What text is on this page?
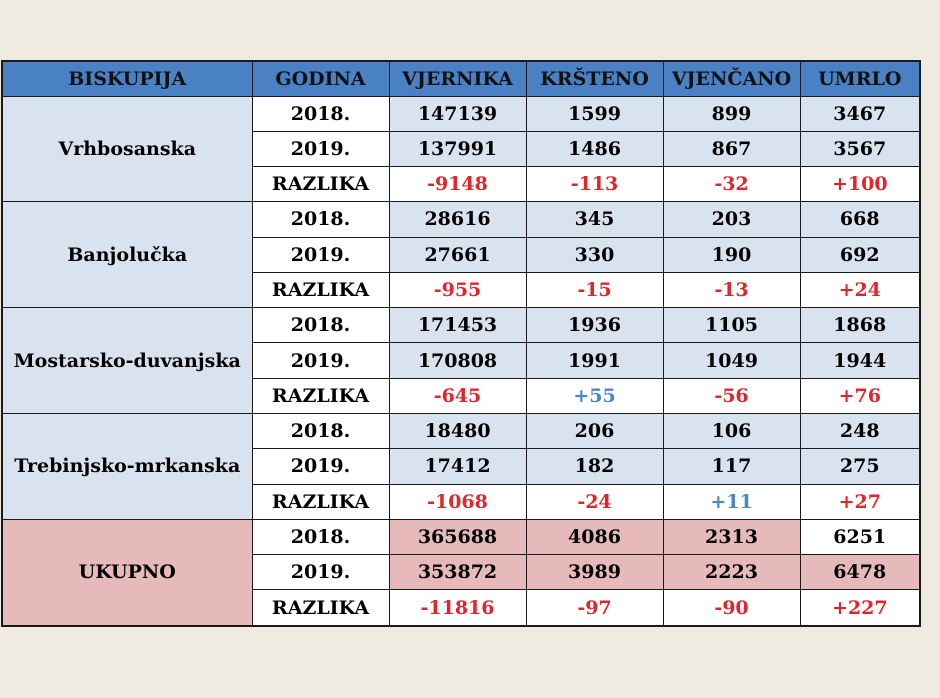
BISKUPIJA	GODINA	VJERNIKA	KRŠTENO	VJENČANO	UMRLO
Vrhbosanska	2018.	147139	1599	899	3467
	2019.	137991	1486	867	3567
	RAZLIKA	-9148	-113	-32	+100
Banjolučka	2018.	28616	345	203	668
	2019.	27661	330	190	692
	RAZLIKA	-955	-15	-13	+24
Mostarsko-duvanjska	2018.	171453	1936	1105	1868
	2019.	170808	1991	1049	1944
	RAZLIKA	-645	+55	-56	+76
Trebinjsko-mrkanska	2018.	18480	206	106	248
	2019.	17412	182	117	275
	RAZLIKA	-1068	-24	+11	+27
UKUPNO	2018.	365688	4086	2313	6251
	2019.	353872	3989	2223	6478
	RAZLIKA	-11816	-97	-90	+227
